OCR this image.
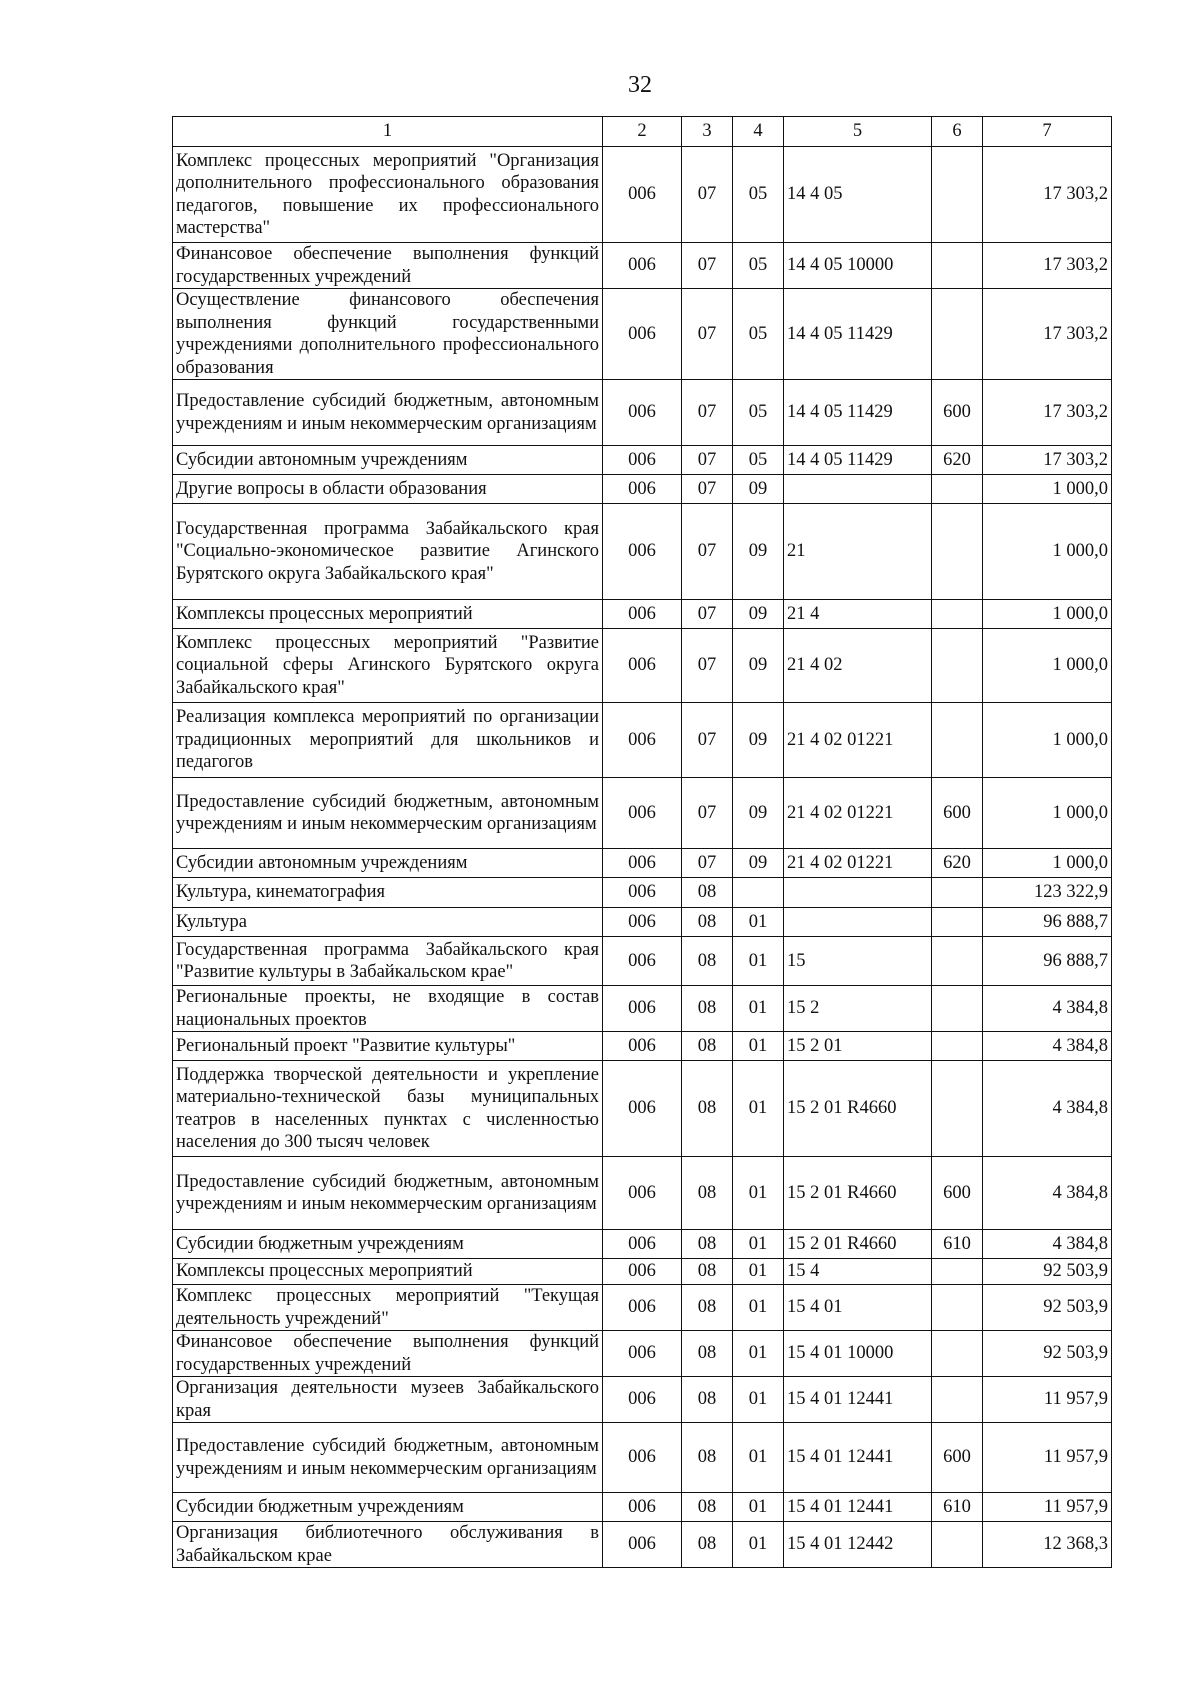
32
1	2	3	4	5	6	7
Комплекс процессных мероприятий "Организация дополнительного профессионального образования педагогов, повышение их профессионального мастерства"	006	07	05	14 4 05		17 303,2
Финансовое обеспечение выполнения функций государственных учреждений	006	07	05	14 4 05 10000		17 303,2
Осуществление финансового обеспечения выполнения функций государственными учреждениями дополнительного профессионального образования	006	07	05	14 4 05 11429		17 303,2
Предоставление субсидий бюджетным, автономным учреждениям и иным некоммерческим организациям	006	07	05	14 4 05 11429	600	17 303,2
Субсидии автономным учреждениям	006	07	05	14 4 05 11429	620	17 303,2
Другие вопросы в области образования	006	07	09			1 000,0
Государственная программа Забайкальского края "Социально-экономическое развитие Агинского Бурятского округа Забайкальского края"	006	07	09	21		1 000,0
Комплексы процессных мероприятий	006	07	09	21 4		1 000,0
Комплекс процессных мероприятий "Развитие социальной сферы Агинского Бурятского округа Забайкальского края"	006	07	09	21 4 02		1 000,0
Реализация комплекса мероприятий по организации традиционных мероприятий для школьников и педагогов	006	07	09	21 4 02 01221		1 000,0
Предоставление субсидий бюджетным, автономным учреждениям и иным некоммерческим организациям	006	07	09	21 4 02 01221	600	1 000,0
Субсидии автономным учреждениям	006	07	09	21 4 02 01221	620	1 000,0
Культура, кинематография	006	08				123 322,9
Культура	006	08	01			96 888,7
Государственная программа Забайкальского края "Развитие культуры в Забайкальском крае"	006	08	01	15		96 888,7
Региональные проекты, не входящие в состав национальных проектов	006	08	01	15 2		4 384,8
Региональный проект "Развитие культуры"	006	08	01	15 2 01		4 384,8
Поддержка творческой деятельности и укрепление материально-технической базы муниципальных театров в населенных пунктах с численностью населения до 300 тысяч человек	006	08	01	15 2 01 R4660		4 384,8
Предоставление субсидий бюджетным, автономным учреждениям и иным некоммерческим организациям	006	08	01	15 2 01 R4660	600	4 384,8
Субсидии бюджетным учреждениям	006	08	01	15 2 01 R4660	610	4 384,8
Комплексы процессных мероприятий	006	08	01	15 4		92 503,9
Комплекс процессных мероприятий "Текущая деятельность учреждений"	006	08	01	15 4 01		92 503,9
Финансовое обеспечение выполнения функций государственных учреждений	006	08	01	15 4 01 10000		92 503,9
Организация деятельности музеев Забайкальского края	006	08	01	15 4 01 12441		11 957,9
Предоставление субсидий бюджетным, автономным учреждениям и иным некоммерческим организациям	006	08	01	15 4 01 12441	600	11 957,9
Субсидии бюджетным учреждениям	006	08	01	15 4 01 12441	610	11 957,9
Организация библиотечного обслуживания в Забайкальском крае	006	08	01	15 4 01 12442		12 368,3
